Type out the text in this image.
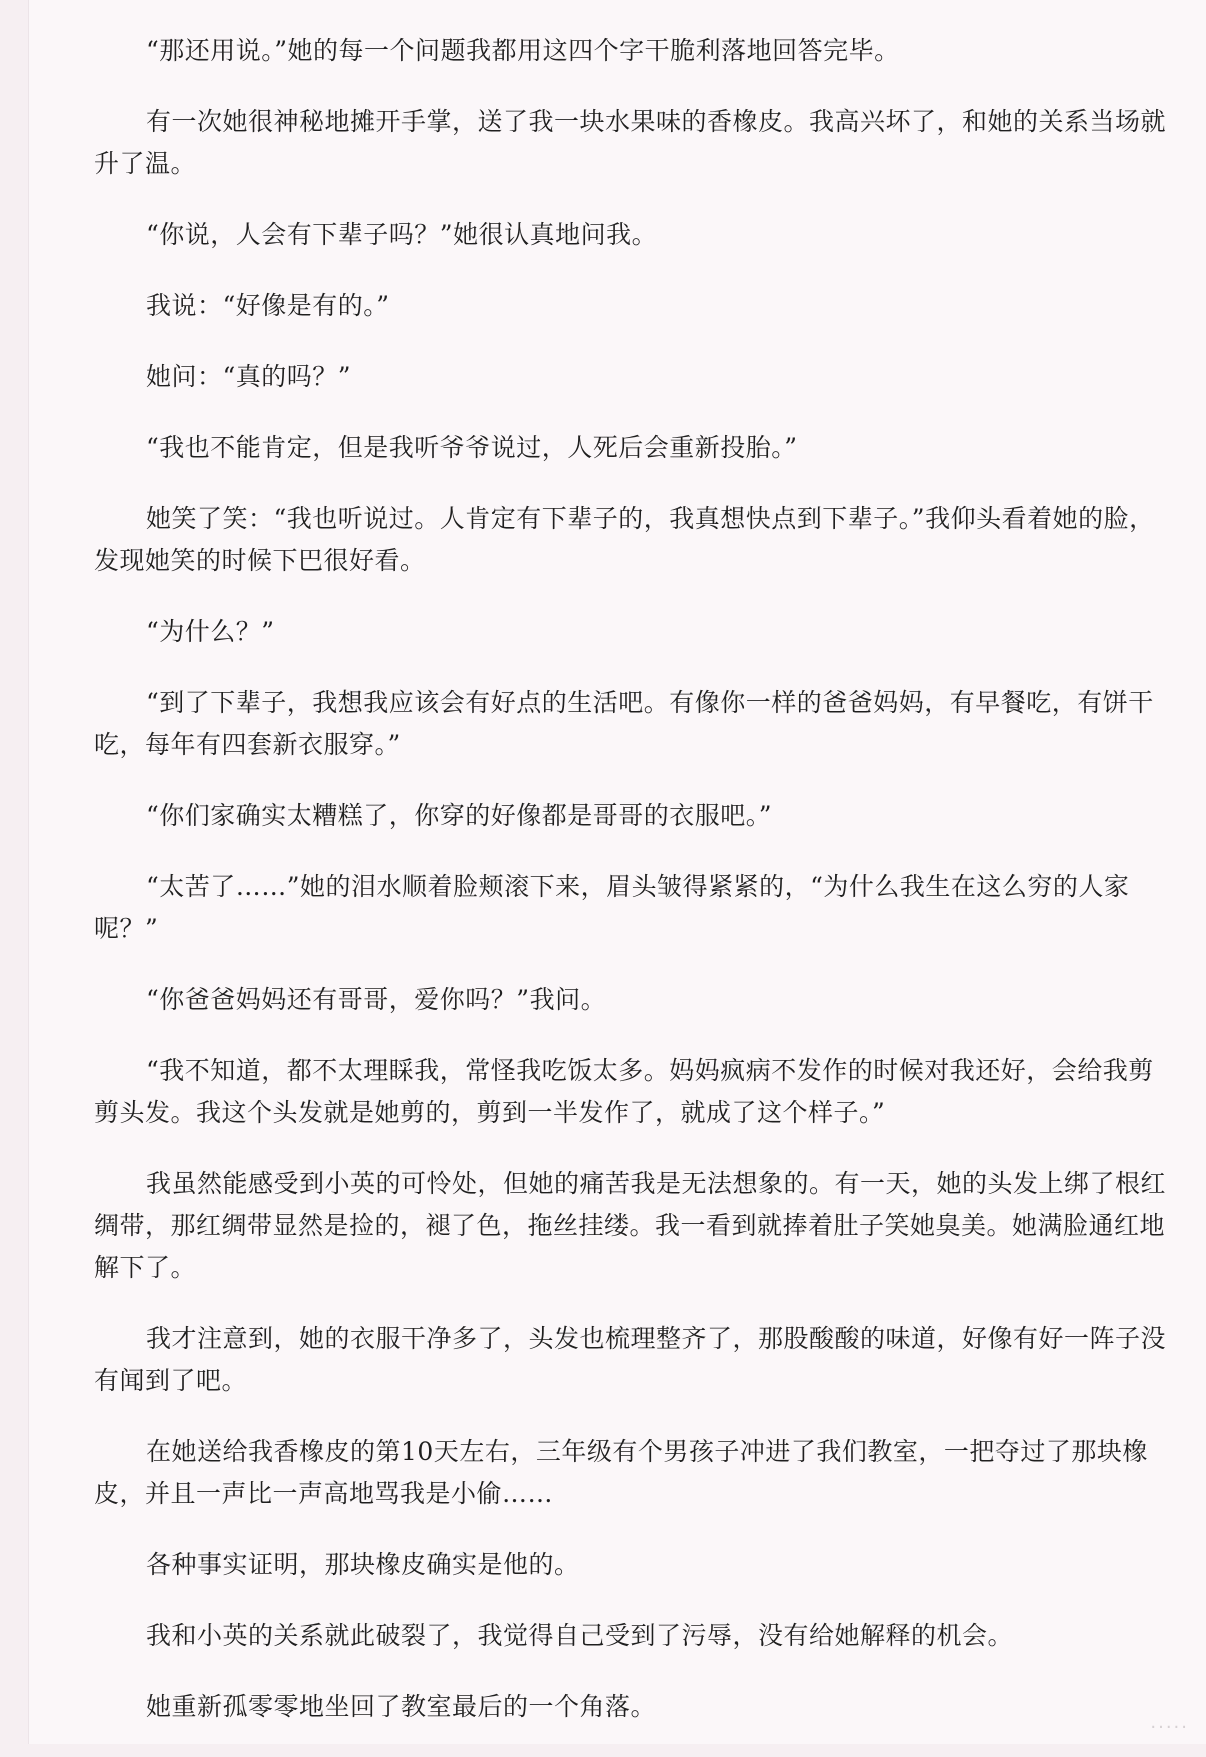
“那还用说。”她的每一个问题我都用这四个字干脆利落地回答完毕。

有一次她很神秘地摊开手掌，送了我一块水果味的香橡皮。我高兴坏了，和她的关系当场就升了温。

“你说，人会有下辈子吗？”她很认真地问我。

我说：“好像是有的。”

她问：“真的吗？”

“我也不能肯定，但是我听爷爷说过，人死后会重新投胎。”

她笑了笑：“我也听说过。人肯定有下辈子的，我真想快点到下辈子。”我仰头看着她的脸，发现她笑的时候下巴很好看。

“为什么？”

“到了下辈子，我想我应该会有好点的生活吧。有像你一样的爸爸妈妈，有早餐吃，有饼干吃，每年有四套新衣服穿。”

“你们家确实太糟糕了，你穿的好像都是哥哥的衣服吧。”

“太苦了……”她的泪水顺着脸颊滚下来，眉头皱得紧紧的，“为什么我生在这么穷的人家呢？”

“你爸爸妈妈还有哥哥，爱你吗？”我问。

“我不知道，都不太理睬我，常怪我吃饭太多。妈妈疯病不发作的时候对我还好，会给我剪剪头发。我这个头发就是她剪的，剪到一半发作了，就成了这个样子。”

我虽然能感受到小英的可怜处，但她的痛苦我是无法想象的。有一天，她的头发上绑了根红绸带，那红绸带显然是捡的，褪了色，拖丝挂缕。我一看到就捧着肚子笑她臭美。她满脸通红地解下了。

我才注意到，她的衣服干净多了，头发也梳理整齐了，那股酸酸的味道，好像有好一阵子没有闻到了吧。

在她送给我香橡皮的第10天左右，三年级有个男孩子冲进了我们教室，一把夺过了那块橡皮，并且一声比一声高地骂我是小偷……

各种事实证明，那块橡皮确实是他的。

我和小英的关系就此破裂了，我觉得自己受到了污辱，没有给她解释的机会。

她重新孤零零地坐回了教室最后的一个角落。

·····
